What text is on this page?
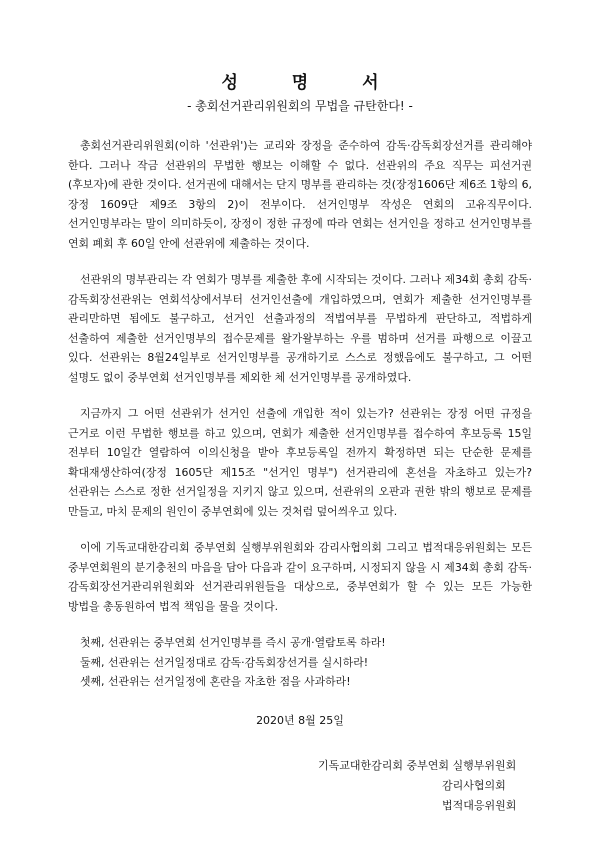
성 명 서
- 총회선거관리위원회의 무법을 규탄한다! -

총회선거관리위원회(이하 '선관위')는 교리와 장정을 준수하여 감독·감독회장선거를 관리해야 한다. 그러나 작금 선관위의 무법한 행보는 이해할 수 없다. 선관위의 주요 직무는 피선거권(후보자)에 관한 것이다. 선거권에 대해서는 단지 명부를 관리하는 것(장정1606단 제6조 1항의 6, 장정 1609단 제9조 3항의 2)이 전부이다. 선거인명부 작성은 연회의 고유직무이다. 선거인명부라는 말이 의미하듯이, 장정이 정한 규정에 따라 연회는 선거인을 정하고 선거인명부를 연회 폐회 후 60일 안에 선관위에 제출하는 것이다.

선관위의 명부관리는 각 연회가 명부를 제출한 후에 시작되는 것이다. 그러나 제34회 총회 감독·감독회장선관위는 연회석상에서부터 선거인선출에 개입하였으며, 연회가 제출한 선거인명부를 관리만하면 됨에도 불구하고, 선거인 선출과정의 적법여부를 무법하게 판단하고, 적법하게 선출하여 제출한 선거인명부의 접수문제를 왈가왈부하는 우를 범하며 선거를 파행으로 이끌고 있다. 선관위는 8월24일부로 선거인명부를 공개하기로 스스로 정했음에도 불구하고, 그 어떤 설명도 없이 중부연회 선거인명부를 제외한 체 선거인명부를 공개하였다.

지금까지 그 어떤 선관위가 선거인 선출에 개입한 적이 있는가? 선관위는 장정 어떤 규정을 근거로 이런 무법한 행보를 하고 있으며, 연회가 제출한 선거인명부를 접수하여 후보등록 15일 전부터 10일간 열람하여 이의신청을 받아 후보등록일 전까지 확정하면 되는 단순한 문제를 확대재생산하여(장정 1605단 제15조 "선거인 명부") 선거관리에 혼선을 자초하고 있는가? 선관위는 스스로 정한 선거일정을 지키지 않고 있으며, 선관위의 오판과 권한 밖의 행보로 문제를 만들고, 마치 문제의 원인이 중부연회에 있는 것처럼 덮어씌우고 있다.

이에 기독교대한감리회 중부연회 실행부위원회와 감리사협의회 그리고 법적대응위원회는 모든 중부연회원의 분기충천의 마음을 담아 다음과 같이 요구하며, 시정되지 않을 시 제34회 총회 감독·감독회장선거관리위원회와 선거관리위원들을 대상으로, 중부연회가 할 수 있는 모든 가능한 방법을 총동원하여 법적 책임을 물을 것이다.

첫째, 선관위는 중부연회 선거인명부를 즉시 공개·열람토록 하라!
둘째, 선관위는 선거일정대로 감독·감독회장선거를 실시하라!
셋째, 선관위는 선거일정에 혼란을 자초한 점을 사과하라!
2020년 8월 25일
기독교대한감리회 중부연회 실행부위원회
감리사협의회
법적대응위원회
